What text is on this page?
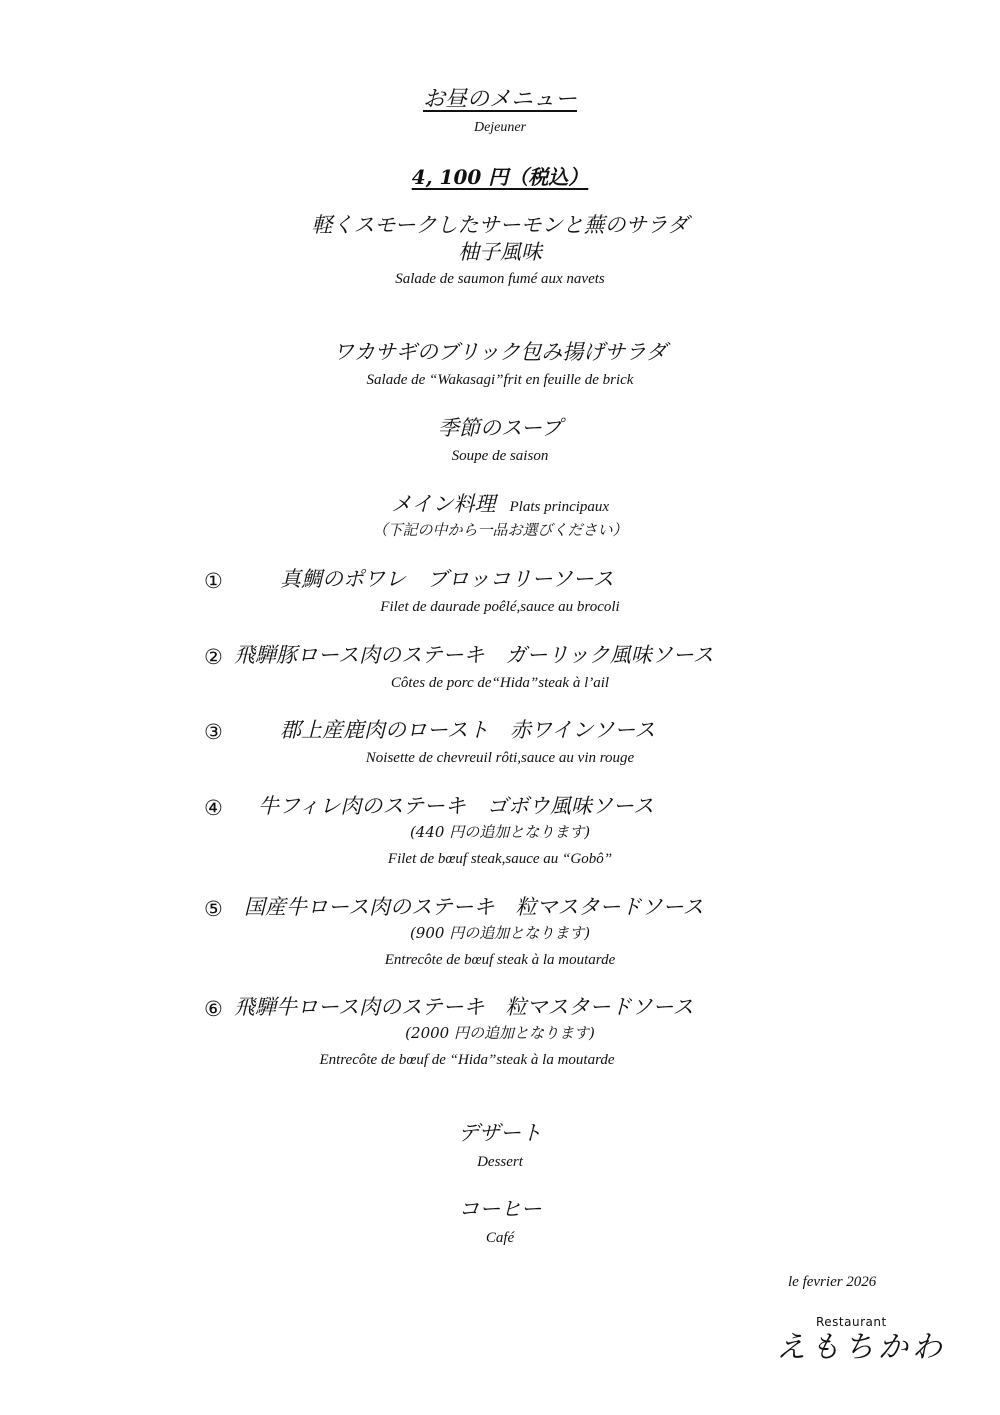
お昼のメニュー
Dejeuner
4, 100 円（税込）
軽くスモークしたサーモンと蕪のサラダ
柚子風味
Salade de saumon fumé aux navets
ワカサギのブリック包み揚げサラダ
Salade de “Wakasagi”frit en feuille de brick
季節のスープ
Soupe de saison
メイン料理 Plats principaux
（下記の中から一品お選びください）
①	真鯛のポワレ　ブロッコリーソース
Filet de daurade poêlé,sauce au brocoli
② 飛騨豚ロース肉のステーキ　ガーリック風味ソース
Côtes de porc de“Hida”steak à l’ail
③	郡上産鹿肉のロースト　赤ワインソース
Noisette de chevreuil rôti,sauce au vin rouge
④ 牛フィレ肉のステーキ　ゴボウ風味ソース
(440 円の追加となります)
Filet de bœuf steak,sauce au “Gobô”
⑤ 国産牛ロース肉のステーキ　粒マスタードソース
(900 円の追加となります)
Entrecôte de bœuf steak à la moutarde
⑥ 飛騨牛ロース肉のステーキ　粒マスタードソース
(2000 円の追加となります)
Entrecôte de bœuf de “Hida”steak à la moutarde
デザート
Dessert
コーヒー
Café
le fevrier 2026
Restaurant
えもちかわ
